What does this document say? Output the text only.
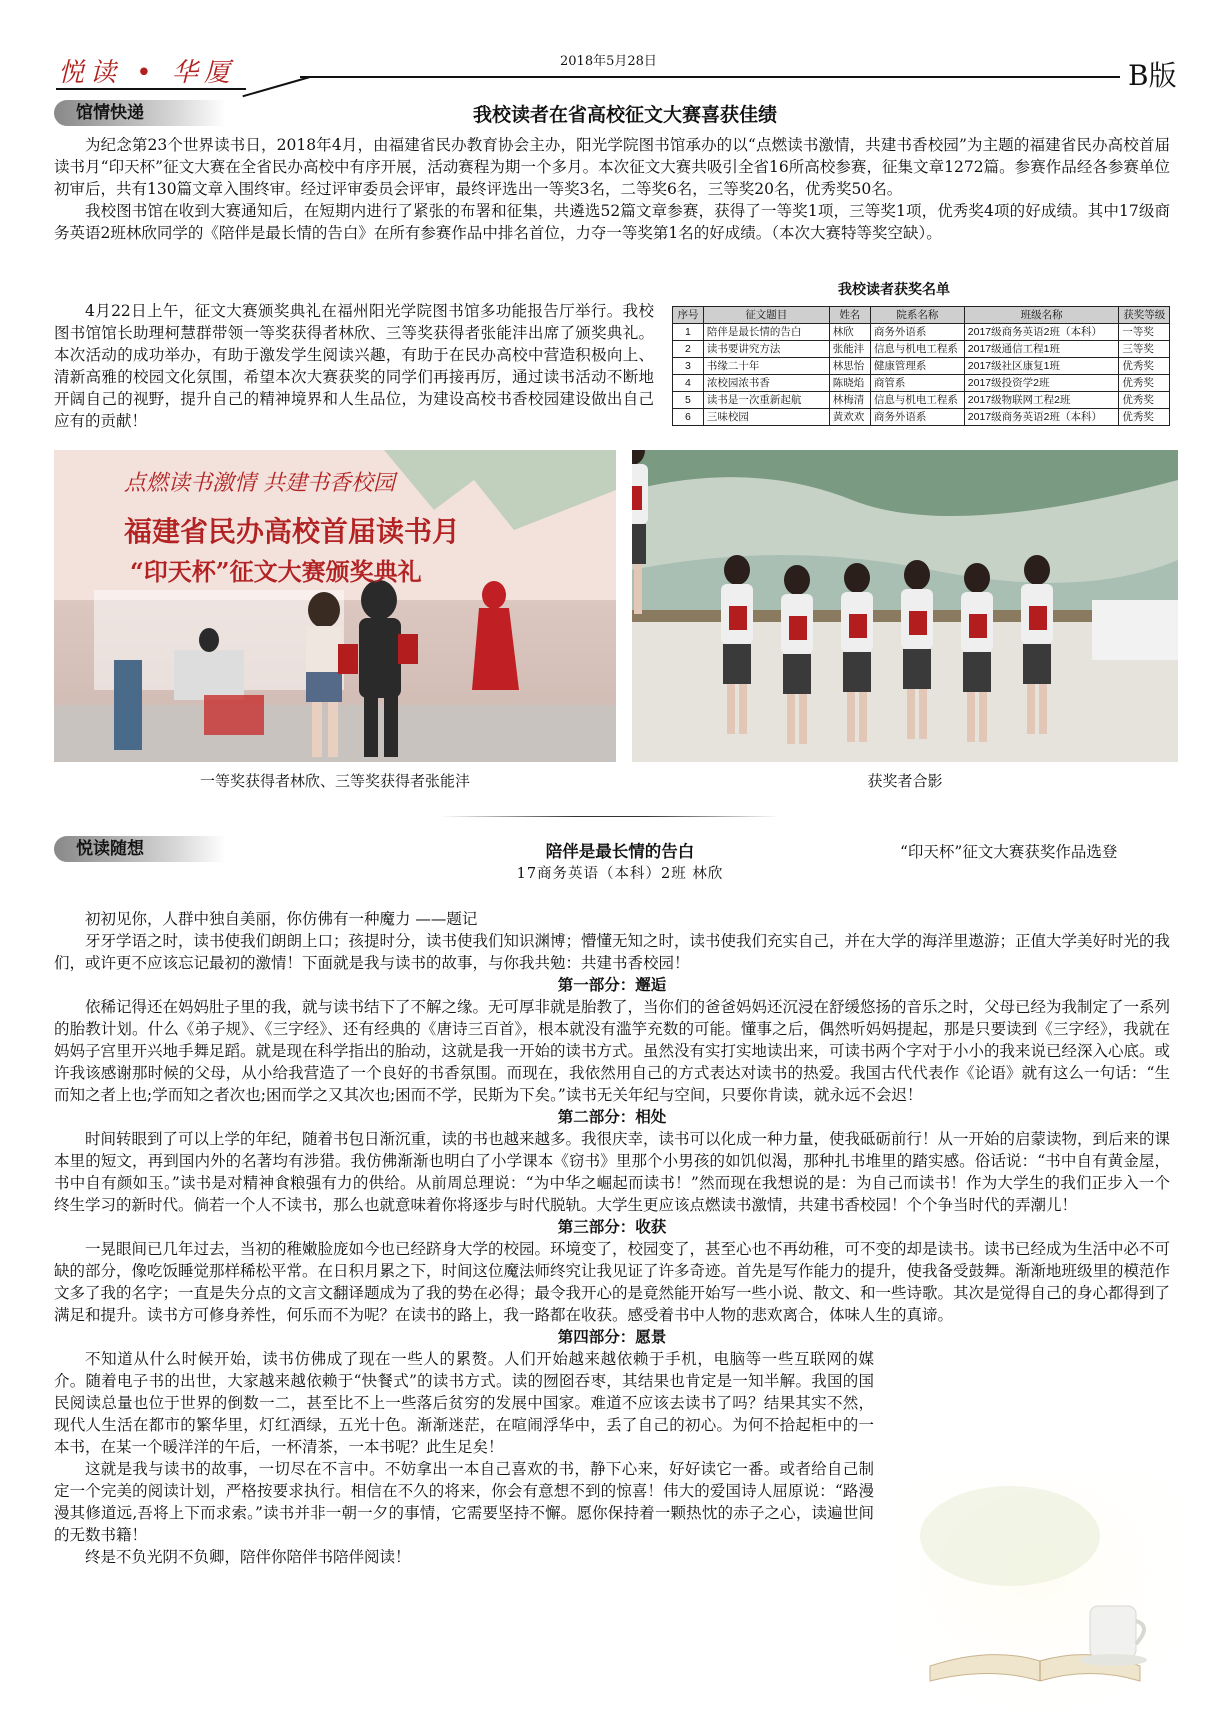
悦读 • 华厦	2018年5月28日	B版
馆情快递	我校读者在省高校征文大赛喜获佳绩

为纪念第23个世界读书日，2018年4月，由福建省民办教育协会主办，阳光学院图书馆承办的以“点燃读书激情，共建书香校园”为主题的福建省民办高校首届读书月“印天杯”征文大赛在全省民办高校中有序开展，活动赛程为期一个多月。本次征文大赛共吸引全省16所高校参赛，征集文章1272篇。参赛作品经各参赛单位初审后，共有130篇文章入围终审。经过评审委员会评审，最终评选出一等奖3名，二等奖6名，三等奖20名，优秀奖50名。

我校图书馆在收到大赛通知后，在短期内进行了紧张的布署和征集，共遴选52篇文章参赛，获得了一等奖1项，三等奖1项，优秀奖4项的好成绩。其中17级商务英语2班林欣同学的《陪伴是最长情的告白》在所有参赛作品中排名首位，力夺一等奖第1名的好成绩。（本次大赛特等奖空缺）。

4月22日上午，征文大赛颁奖典礼在福州阳光学院图书馆多功能报告厅举行。我校图书馆馆长助理柯慧群带领一等奖获得者林欣、三等奖获得者张能沣出席了颁奖典礼。本次活动的成功举办，有助于激发学生阅读兴趣，有助于在民办高校中营造积极向上、清新高雅的校园文化氛围，希望本次大赛获奖的同学们再接再厉，通过读书活动不断地开阔自己的视野，提升自己的精神境界和人生品位，为建设高校书香校园建设做出自己应有的贡献！

我校读者获奖名单
序号	征文题目	姓名	院系名称	班级名称	获奖等级
1	陪伴是最长情的告白	林欣	商务外语系	2017级商务英语2班（本科）	一等奖
2	读书要讲究方法	张能沣	信息与机电工程系	2017级通信工程1班	三等奖
3	书缘二十年	林思怡	健康管理系	2017级社区康复1班	优秀奖
4	浓校园浓书香	陈晓焰	商管系	2017级投资学2班	优秀奖
5	读书是一次重新起航	林梅清	信息与机电工程系	2017级物联网工程2班	优秀奖
6	三味校园	黄欢欢	商务外语系	2017级商务英语2班（本科）	优秀奖
点燃读书激情 共建书香校园
福建省民办高校首届读书月
“印天杯”征文大赛颁奖典礼
一等奖获得者林欣、三等奖获得者张能沣	获奖者合影
悦读随想	陪伴是最长情的告白
17商务英语（本科）2班 林欣
“印天杯”征文大赛获奖作品选登

初初见你，人群中独自美丽，你仿佛有一种魔力 ——题记

牙牙学语之时，读书使我们朗朗上口；孩提时分，读书使我们知识渊博；懵懂无知之时，读书使我们充实自己，并在大学的海洋里遨游；正值大学美好时光的我们，或许更不应该忘记最初的激情！下面就是我与读书的故事，与你我共勉：共建书香校园！

第一部分：邂逅

依稀记得还在妈妈肚子里的我，就与读书结下了不解之缘。无可厚非就是胎教了，当你们的爸爸妈妈还沉浸在舒缓悠扬的音乐之时，父母已经为我制定了一系列的胎教计划。什么《弟子规》、《三字经》、还有经典的《唐诗三百首》，根本就没有滥竽充数的可能。懂事之后，偶然听妈妈提起，那是只要读到《三字经》，我就在妈妈子宫里开兴地手舞足蹈。就是现在科学指出的胎动，这就是我一开始的读书方式。虽然没有实打实地读出来，可读书两个字对于小小的我来说已经深入心底。或许我该感谢那时候的父母，从小给我营造了一个良好的书香氛围。而现在，我依然用自己的方式表达对读书的热爱。我国古代代表作《论语》就有这么一句话：“生而知之者上也;学而知之者次也;困而学之又其次也;困而不学，民斯为下矣。”读书无关年纪与空间，只要你肯读，就永远不会迟！

第二部分：相处

时间转眼到了可以上学的年纪，随着书包日渐沉重，读的书也越来越多。我很庆幸，读书可以化成一种力量，使我砥砺前行！从一开始的启蒙读物，到后来的课本里的短文，再到国内外的名著均有涉猎。我仿佛渐渐也明白了小学课本《窃书》里那个小男孩的如饥似渴，那种扎书堆里的踏实感。俗话说：“书中自有黄金屋，书中自有颜如玉。”读书是对精神食粮强有力的供给。从前周总理说：“为中华之崛起而读书！”然而现在我想说的是：为自己而读书！作为大学生的我们正步入一个终生学习的新时代。倘若一个人不读书，那么也就意味着你将逐步与时代脱轨。大学生更应该点燃读书激情，共建书香校园！个个争当时代的弄潮儿！

第三部分：收获

一晃眼间已几年过去，当初的稚嫩脸庞如今也已经跻身大学的校园。环境变了，校园变了，甚至心也不再幼稚，可不变的却是读书。读书已经成为生活中必不可缺的部分，像吃饭睡觉那样稀松平常。在日积月累之下，时间这位魔法师终究让我见证了许多奇迹。首先是写作能力的提升，使我备受鼓舞。渐渐地班级里的模范作文多了我的名字；一直是失分点的文言文翻译题成为了我的势在必得；最令我开心的是竟然能开始写一些小说、散文、和一些诗歌。其次是觉得自己的身心都得到了满足和提升。读书方可修身养性，何乐而不为呢？在读书的路上，我一路都在收获。感受着书中人物的悲欢离合，体味人生的真谛。

第四部分：愿景

不知道从什么时候开始，读书仿佛成了现在一些人的累赘。人们开始越来越依赖于手机，电脑等一些互联网的媒介。随着电子书的出世，大家越来越依赖于“快餐式”的读书方式。读的囫囵吞枣，其结果也肯定是一知半解。我国的国民阅读总量也位于世界的倒数一二，甚至比不上一些落后贫穷的发展中国家。难道不应该去读书了吗？结果其实不然，现代人生活在都市的繁华里，灯红酒绿，五光十色。渐渐迷茫，在喧闹浮华中，丢了自己的初心。为何不拾起柜中的一本书，在某一个暖洋洋的午后，一杯清茶，一本书呢？此生足矣！

这就是我与读书的故事，一切尽在不言中。不妨拿出一本自己喜欢的书，静下心来，好好读它一番。或者给自己制定一个完美的阅读计划，严格按要求执行。相信在不久的将来，你会有意想不到的惊喜！伟大的爱国诗人屈原说：“路漫漫其修道远,吾将上下而求索。”读书并非一朝一夕的事情，它需要坚持不懈。愿你保持着一颗热忱的赤子之心，读遍世间的无数书籍！

终是不负光阴不负卿，陪伴你陪伴书陪伴阅读！
